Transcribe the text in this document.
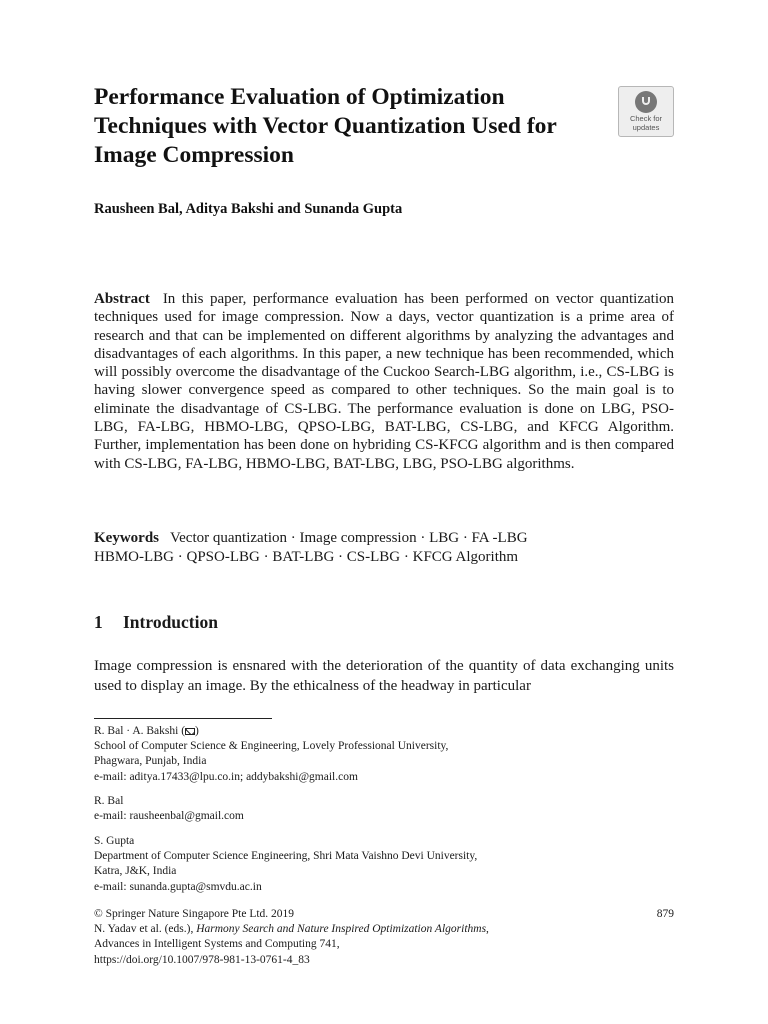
Performance Evaluation of Optimization Techniques with Vector Quantization Used for Image Compression
Check for
updates
Rausheen Bal, Aditya Bakshi and Sunanda Gupta

Abstract In this paper, performance evaluation has been performed on vector quantization techniques used for image compression. Now a days, vector quantization is a prime area of research and that can be implemented on different algorithms by analyzing the advantages and disadvantages of each algorithms. In this paper, a new technique has been recommended, which will possibly overcome the disadvantage of the Cuckoo Search-LBG algorithm, i.e., CS-LBG is having slower convergence speed as compared to other techniques. So the main goal is to eliminate the disadvantage of CS-LBG. The performance evaluation is done on LBG, PSO-LBG, FA-LBG, HBMO-LBG, QPSO-LBG, BAT-LBG, CS-LBG, and KFCG Algorithm. Further, implementation has been done on hybriding CS-KFCG algorithm and is then compared with CS-LBG, FA-LBG, HBMO-LBG, BAT-LBG, LBG, PSO-LBG algorithms.

Keywords Vector quantization · Image compression · LBG · FA -LBG
HBMO-LBG · QPSO-LBG · BAT-LBG · CS-LBG · KFCG Algorithm
1 Introduction

Image compression is ensnared with the deterioration of the quantity of data exchanging units used to display an image. By the ethicalness of the headway in particular

R. Bal · A. Bakshi ( )
School of Computer Science & Engineering, Lovely Professional University,
Phagwara, Punjab, India
e-mail: aditya.17433@lpu.co.in; addybakshi@gmail.com
R. Bal
e-mail: rausheenbal@gmail.com
S. Gupta
Department of Computer Science Engineering, Shri Mata Vaishno Devi University,
Katra, J&K, India
e-mail: sunanda.gupta@smvdu.ac.in
879
© Springer Nature Singapore Pte Ltd. 2019
N. Yadav et al. (eds.), Harmony Search and Nature Inspired Optimization Algorithms,
Advances in Intelligent Systems and Computing 741,
https://doi.org/10.1007/978-981-13-0761-4_83
